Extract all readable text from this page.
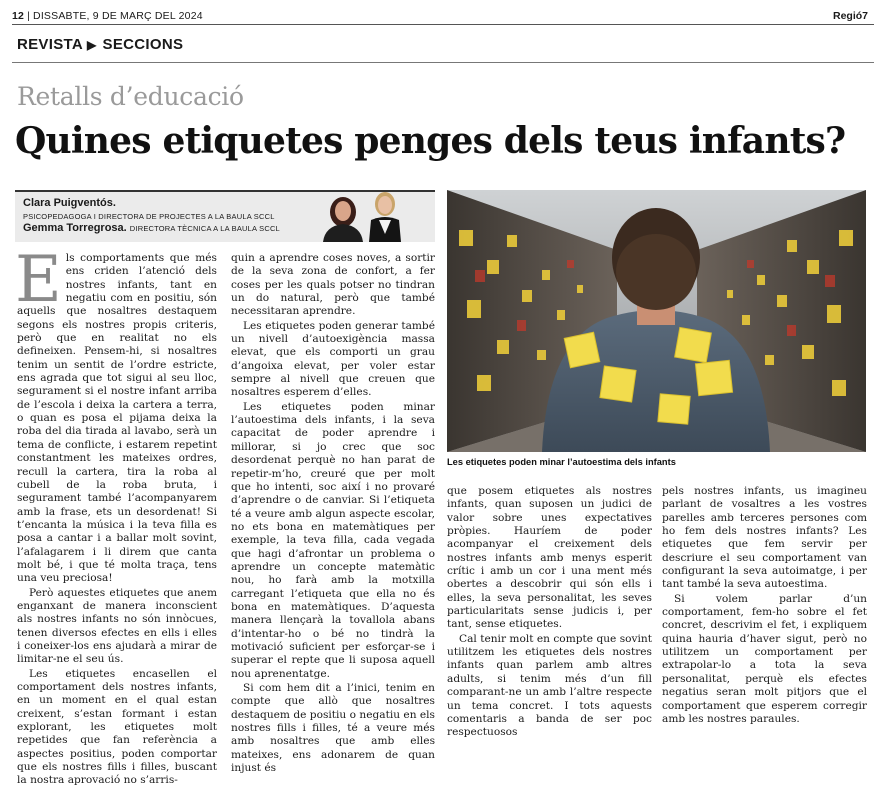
12 | DISSABTE, 9 DE MARÇ DEL 2024	Regió7
REVISTA ▶ SECCIONS
Retalls d’educació
Quines etiquetes penges dels teus infants?
Clara Puigventós.
PSICOPEDAGOGA I DIRECTORA DE PROJECTES A LA BAULA SCCL
Gemma Torregrosa. DIRECTORA TÈCNICA A LA BAULA SCCL

Els comportaments que més ens criden l’atenció dels nostres infants, tant en negatiu com en positiu, són aquells que nosaltres destaquem segons els nostres propis criteris, però que en realitat no els defineixen. Pensem-hi, si nosaltres tenim un sentit de l’ordre estricte, ens agrada que tot sigui al seu lloc, segurament si el nostre infant arriba de l’escola i deixa la cartera a terra, o quan es posa el pijama deixa la roba del dia tirada al lavabo, serà un tema de conflicte, i estarem repetint constantment les mateixes ordres, recull la cartera, tira la roba al cubell de la roba bruta, i segurament també l’acompanyarem amb la frase, ets un desordenat! Si t’encanta la música i la teva filla es posa a cantar i a ballar molt sovint, l’afalagarem i li direm que canta molt bé, i que té molta traça, tens una veu preciosa!

Però aquestes etiquetes que anem enganxant de manera inconscient als nostres infants no són innòcues, tenen diversos efectes en ells i elles i coneixer-los ens ajudarà a mirar de limitar-ne el seu ús.

Les etiquetes encasellen el comportament dels nostres infants, en un moment en el qual estan creixent, s’estan formant i estan explorant, les etiquetes molt repetides que fan referència a aspectes positius, poden comportar que els nostres fills i filles, buscant la nostra aprovació no s’arris-

quin a aprendre coses noves, a sortir de la seva zona de confort, a fer coses per les quals potser no tindran un do natural, però que també necessitaran aprendre.

Les etiquetes poden generar també un nivell d’autoexigència massa elevat, que els comporti un grau d’angoixa elevat, per voler estar sempre al nivell que creuen que nosaltres esperem d’elles.

Les etiquetes poden minar l’autoestima dels infants, i la seva capacitat de poder aprendre i millorar, si jo crec que soc desordenat perquè no han parat de repetir-m’ho, creuré que per molt que ho intenti, soc així i no provaré d’aprendre o de canviar. Si l’etiqueta té a veure amb algun aspecte escolar, no ets bona en matemàtiques per exemple, la teva filla, cada vegada que hagi d’afrontar un problema o aprendre un concepte matemàtic nou, ho farà amb la motxilla carregant l’etiqueta que ella no és bona en matemàtiques. D’aquesta manera llençarà la tovallola abans d’intentar-ho o bé no tindrà la motivació suficient per esforçar-se i superar el repte que li suposa aquell nou aprenentatge.

Si com hem dit a l’inici, tenim en compte que allò que nosaltres destaquem de positiu o negatiu en els nostres fills i filles, té a veure més amb nosaltres que amb elles mateixes, ens adonarem de quan injust és

que posem etiquetes als nostres infants, quan suposen un judici de valor sobre unes expectatives pròpies. Hauríem de poder acompanyar el creixement dels nostres infants amb menys esperit crític i amb un cor i una ment més obertes a descobrir qui són ells i elles, la seva personalitat, les seves particularitats sense judicis i, per tant, sense etiquetes.

Cal tenir molt en compte que sovint utilitzem les etiquetes dels nostres infants quan parlem amb altres adults, si tenim més d’un fill comparant-ne un amb l’altre respecte un tema concret. I tots aquests comentaris a banda de ser poc respectuosos

pels nostres infants, us imagineu parlant de vosaltres a les vostres parelles amb terceres persones com ho fem dels nostres infants? Les etiquetes que fem servir per descriure el seu comportament van configurant la seva autoimatge, i per tant també la seva autoestima.

Si volem parlar d’un comportament, fem-ho sobre el fet concret, descrivim el fet, i expliquem quina hauria d’haver sigut, però no utilitzem un comportament per extrapolar-lo a tota la seva personalitat, perquè els efectes negatius seran molt pitjors que el comportament que esperem corregir amb les nostres paraules.

Les etiquetes poden minar l’autoestima dels infants
